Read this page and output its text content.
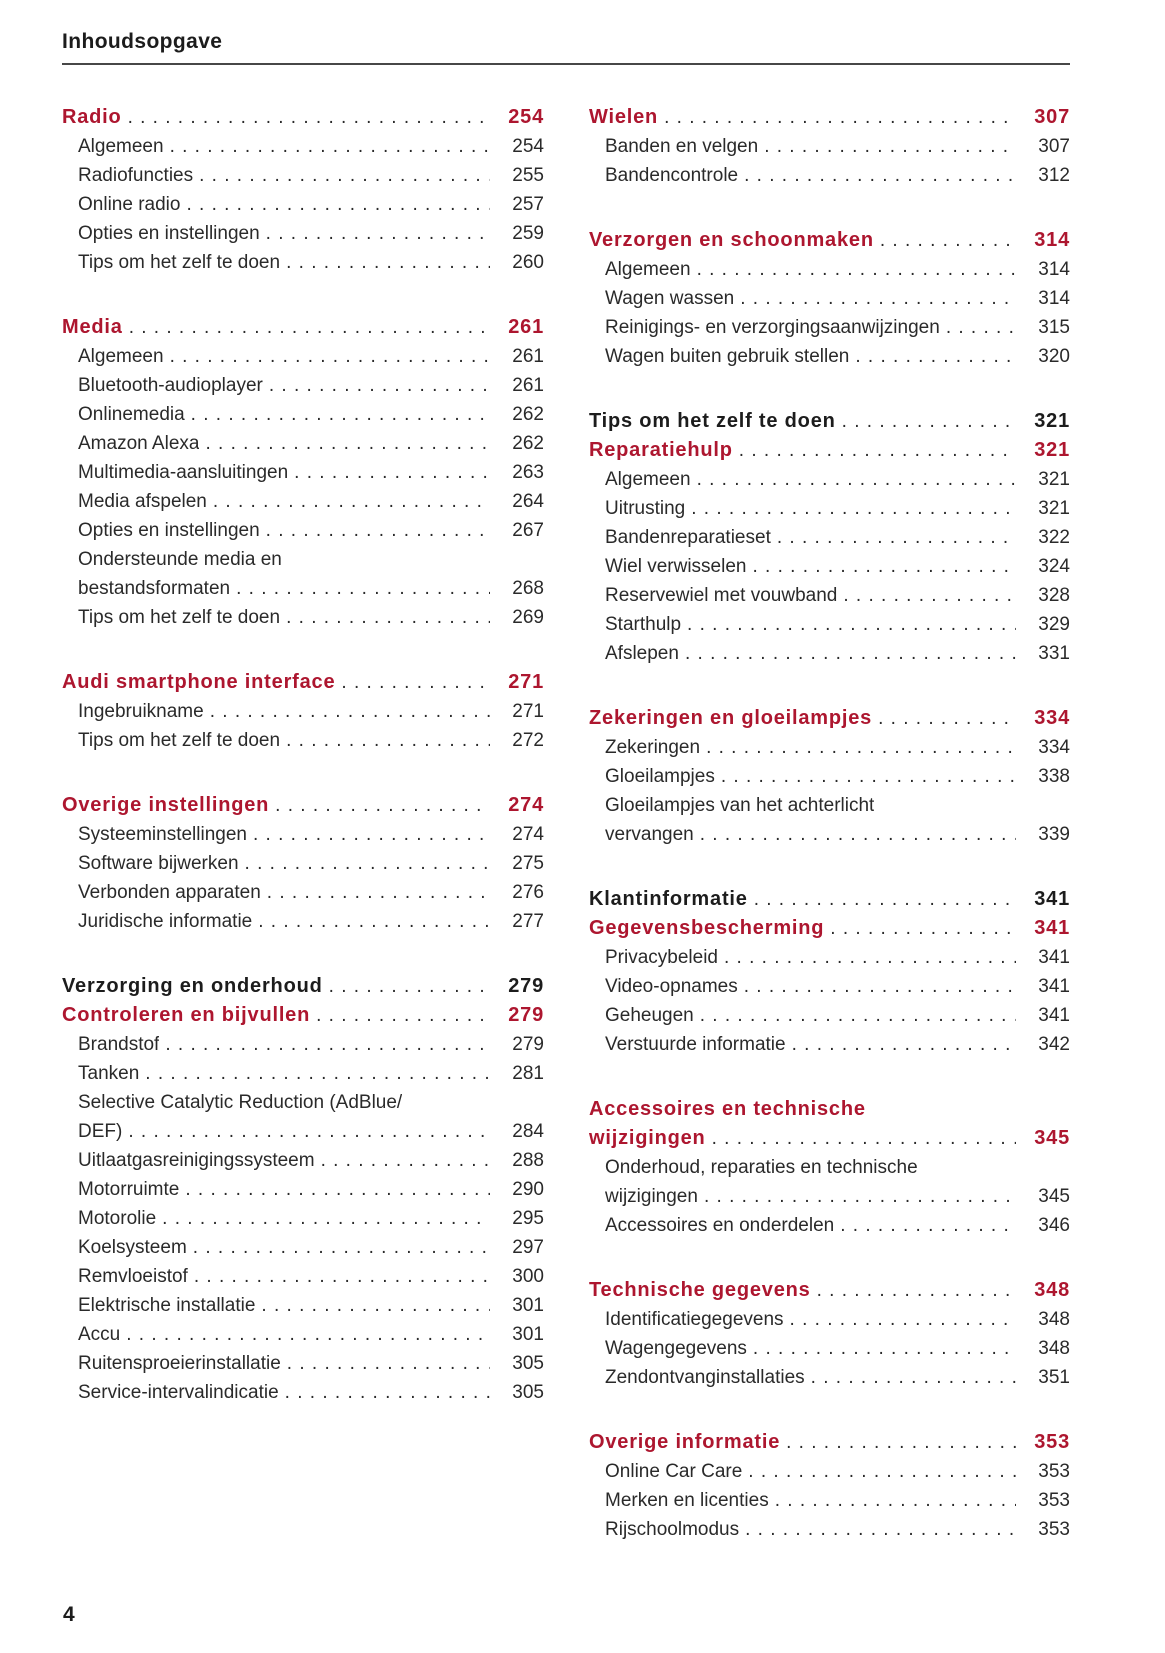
Inhoudsopgave
Radio . . .	254
Algemeen . . .	254
Radiofuncties . . .	255
Online radio . . .	257
Opties en instellingen . . .	259
Tips om het zelf te doen . . .	260
Media . . .	261
Algemeen . . .	261
Bluetooth-audioplayer . . .	261
Onlinemedia . . .	262
Amazon Alexa . . .	262
Multimedia-aansluitingen . . .	263
Media afspelen . . .	264
Opties en instellingen . . .	267
Ondersteunde media en
bestandsformaten . . .	268
Tips om het zelf te doen . . .	269
Audi smartphone interface . . .	271
Ingebruikname . . .	271
Tips om het zelf te doen . . .	272
Overige instellingen . . .	274
Systeeminstellingen . . .	274
Software bijwerken . . .	275
Verbonden apparaten . . .	276
Juridische informatie . . .	277
Verzorging en onderhoud . . .	279
Controleren en bijvullen . . .	279
Brandstof . . .	279
Tanken . . .	281
Selective Catalytic Reduction (AdBlue/
DEF) . . .	284
Uitlaatgasreinigingssysteem . . .	288
Motorruimte . . .	290
Motorolie . . .	295
Koelsysteem . . .	297
Remvloeistof . . .	300
Elektrische installatie . . .	301
Accu . . .	301
Ruitensproeierinstallatie . . .	305
Service-intervalindicatie . . .	305
Wielen . . .	307
Banden en velgen . . .	307
Bandencontrole . . .	312
Verzorgen en schoonmaken . . .	314
Algemeen . . .	314
Wagen wassen . . .	314
Reinigings- en verzorgingsaanwijzingen . . .	315
Wagen buiten gebruik stellen . . .	320
Tips om het zelf te doen . . .	321
Reparatiehulp . . .	321
Algemeen . . .	321
Uitrusting . . .	321
Bandenreparatieset . . .	322
Wiel verwisselen . . .	324
Reservewiel met vouwband . . .	328
Starthulp . . .	329
Afslepen . . .	331
Zekeringen en gloeilampjes . . .	334
Zekeringen . . .	334
Gloeilampjes . . .	338
Gloeilampjes van het achterlicht
vervangen . . .	339
Klantinformatie . . .	341
Gegevensbescherming . . .	341
Privacybeleid . . .	341
Video-opnames . . .	341
Geheugen . . .	341
Verstuurde informatie . . .	342
Accessoires en technische
wijzigingen . . .	345
Onderhoud, reparaties en technische
wijzigingen . . .	345
Accessoires en onderdelen . . .	346
Technische gegevens . . .	348
Identificatiegegevens . . .	348
Wagengegevens . . .	348
Zendontvanginstallaties . . .	351
Overige informatie . . .	353
Online Car Care . . .	353
Merken en licenties . . .	353
Rijschoolmodus . . .	353
4
